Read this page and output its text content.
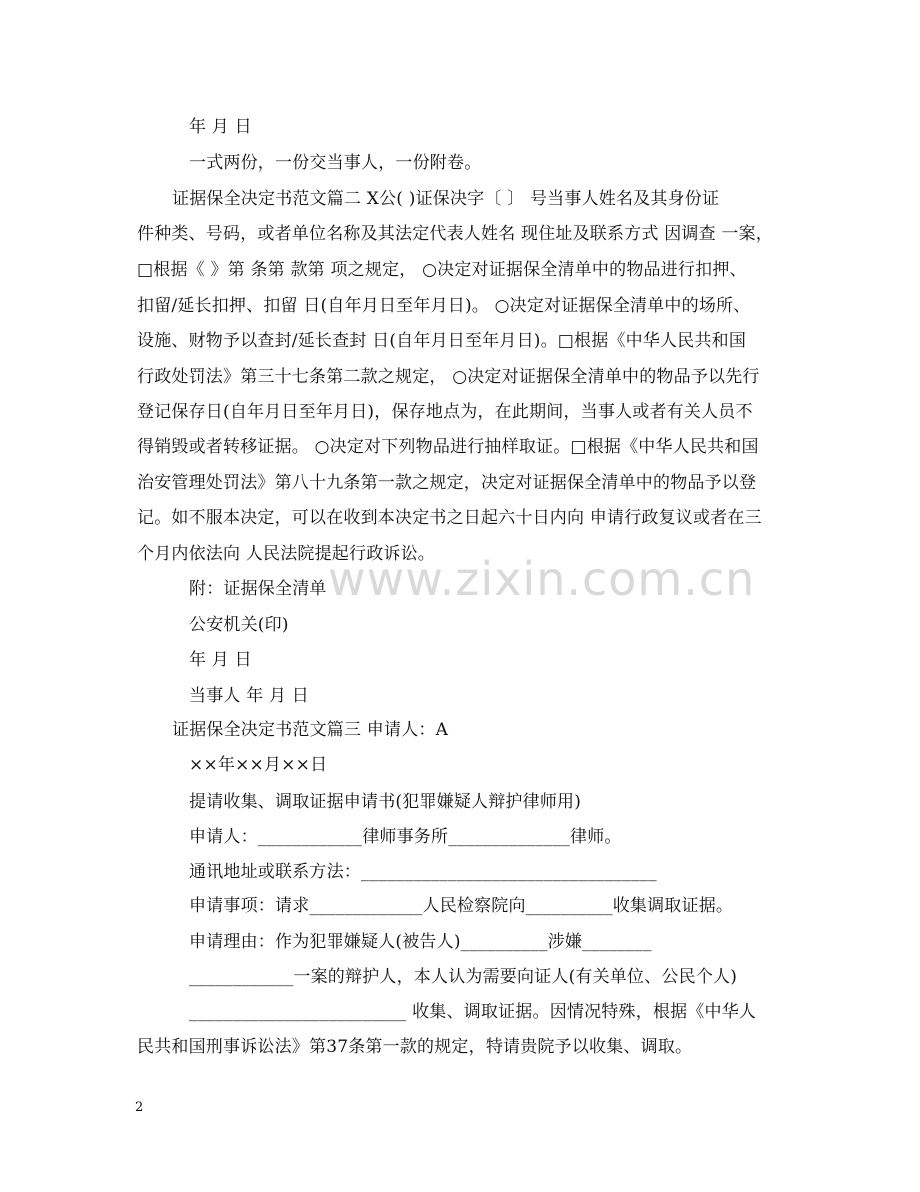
年 月 日
一式两份，一份交当事人，一份附卷。
证据保全决定书范文篇二 X公( )证保决字〔 〕 号当事人姓名及其身份证
件种类、号码，或者单位名称及其法定代表人姓名 现住址及联系方式 因调查 一案，
□根据《 》第 条第 款第 项之规定， ○决定对证据保全清单中的物品进行扣押、
扣留/延长扣押、扣留 日(自年月日至年月日)。 ○决定对证据保全清单中的场所、
设施、财物予以查封/延长查封 日(自年月日至年月日)。□根据《中华人民共和国
行政处罚法》第三十七条第二款之规定， ○决定对证据保全清单中的物品予以先行
登记保存日(自年月日至年月日)，保存地点为，在此期间，当事人或者有关人员不
得销毁或者转移证据。 ○决定对下列物品进行抽样取证。□根据《中华人民共和国
治安管理处罚法》第八十九条第一款之规定，决定对证据保全清单中的物品予以登
记。如不服本决定，可以在收到本决定书之日起六十日内向 申请行政复议或者在三
个月内依法向 人民法院提起行政诉讼。
附：证据保全清单
公安机关(印)
年 月 日
当事人 年 月 日
证据保全决定书范文篇三 申请人：A
××年××月××日
提请收集、调取证据申请书(犯罪嫌疑人辩护律师用)
申请人：____________律师事务所______________律师。
通讯地址或联系方法：__________________________________
申请事项：请求_____________人民检察院向__________收集调取证据。
申请理由：作为犯罪嫌疑人(被告人)__________涉嫌________
____________一案的辩护人，本人认为需要向证人(有关单位、公民个人)
_________________________ 收集、调取证据。因情况特殊，根据《中华人
民共和国刑事诉讼法》第37条第一款的规定，特请贵院予以收集、调取。
www.zixin.com.cn
2
